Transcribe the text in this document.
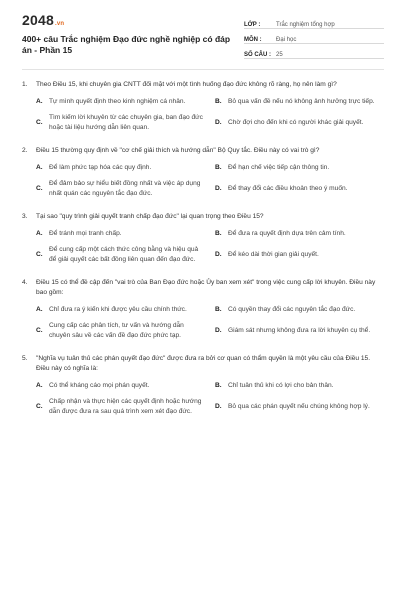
2048.vn
400+ câu Trắc nghiệm Đạo đức nghề nghiệp có đáp án - Phần 15
LỚP :	Trắc nghiệm tổng hợp
MÔN :	Đại học
SỐ CÂU : 25
1.	Theo Điều 15, khi chuyên gia CNTT đối mặt với một tình huống đạo đức không rõ ràng, họ nên làm gì?
A. Tự mình quyết định theo kinh nghiệm cá nhân.	B. Bỏ qua vấn đề nếu nó không ảnh hưởng trực tiếp.
C.
Tìm kiếm lời khuyên từ các chuyên gia, ban đạo đức hoặc tài liệu hướng dẫn liên quan.
D. Chờ đợi cho đến khi có người khác giải quyết.
2.	Điều 15 thường quy định về "cơ chế giải thích và hướng dẫn" Bộ Quy tắc. Điều này có vai trò gì?
A. Để làm phức tạp hóa các quy định.	B. Để hạn chế việc tiếp cận thông tin.
C.
Để đảm bảo sự hiểu biết đồng nhất và việc áp dụng nhất quán các nguyên tắc đạo đức.
D. Để thay đổi các điều khoản theo ý muốn.
3.	Tại sao "quy trình giải quyết tranh chấp đạo đức" lại quan trọng theo Điều 15?
A. Để tránh mọi tranh chấp.	B. Để đưa ra quyết định dựa trên cảm tính.
C.
Để cung cấp một cách thức công bằng và hiệu quả để giải quyết các bất đồng liên quan đến đạo đức.
D. Để kéo dài thời gian giải quyết.
4.	Điều 15 có thể đề cập đến "vai trò của Ban Đạo đức hoặc Ủy ban xem xét" trong việc cung cấp lời khuyên. Điều này bao gồm:
A. Chỉ đưa ra ý kiến khi được yêu cầu chính thức.	B. Có quyền thay đổi các nguyên tắc đạo đức.
C.
Cung cấp các phân tích, tư vấn và hướng dẫn chuyên sâu về các vấn đề đạo đức phức tạp.
D. Giám sát nhưng không đưa ra lời khuyên cụ thể.
5.	"Nghĩa vụ tuân thủ các phán quyết đạo đức" được đưa ra bởi cơ quan có thẩm quyền là một yêu cầu của Điều 15. Điều này có nghĩa là:
A. Có thể kháng cáo mọi phán quyết.	B. Chỉ tuân thủ khi có lợi cho bản thân.
C.
Chấp nhận và thực hiện các quyết định hoặc hướng dẫn được đưa ra sau quá trình xem xét đạo đức.
D. Bỏ qua các phán quyết nếu chúng không hợp lý.
